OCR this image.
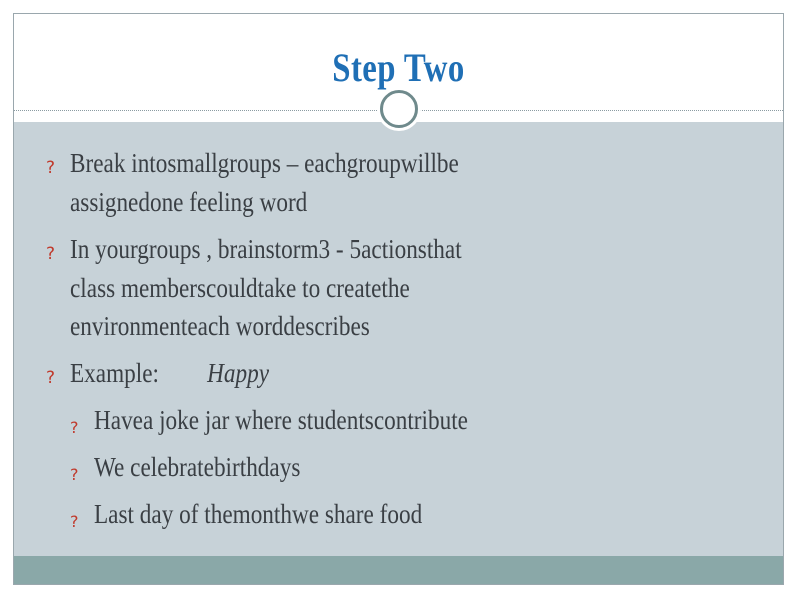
Step Two
? Break intosmallgroups – eachgroupwillbe
assignedone feeling word
? In yourgroups , brainstorm3 - 5actionsthat
class memberscouldtake to createthe
environmenteach worddescribes
? Example: Happy
? Havea joke jar where studentscontribute
? We celebratebirthdays
? Last day of themonthwe share food
